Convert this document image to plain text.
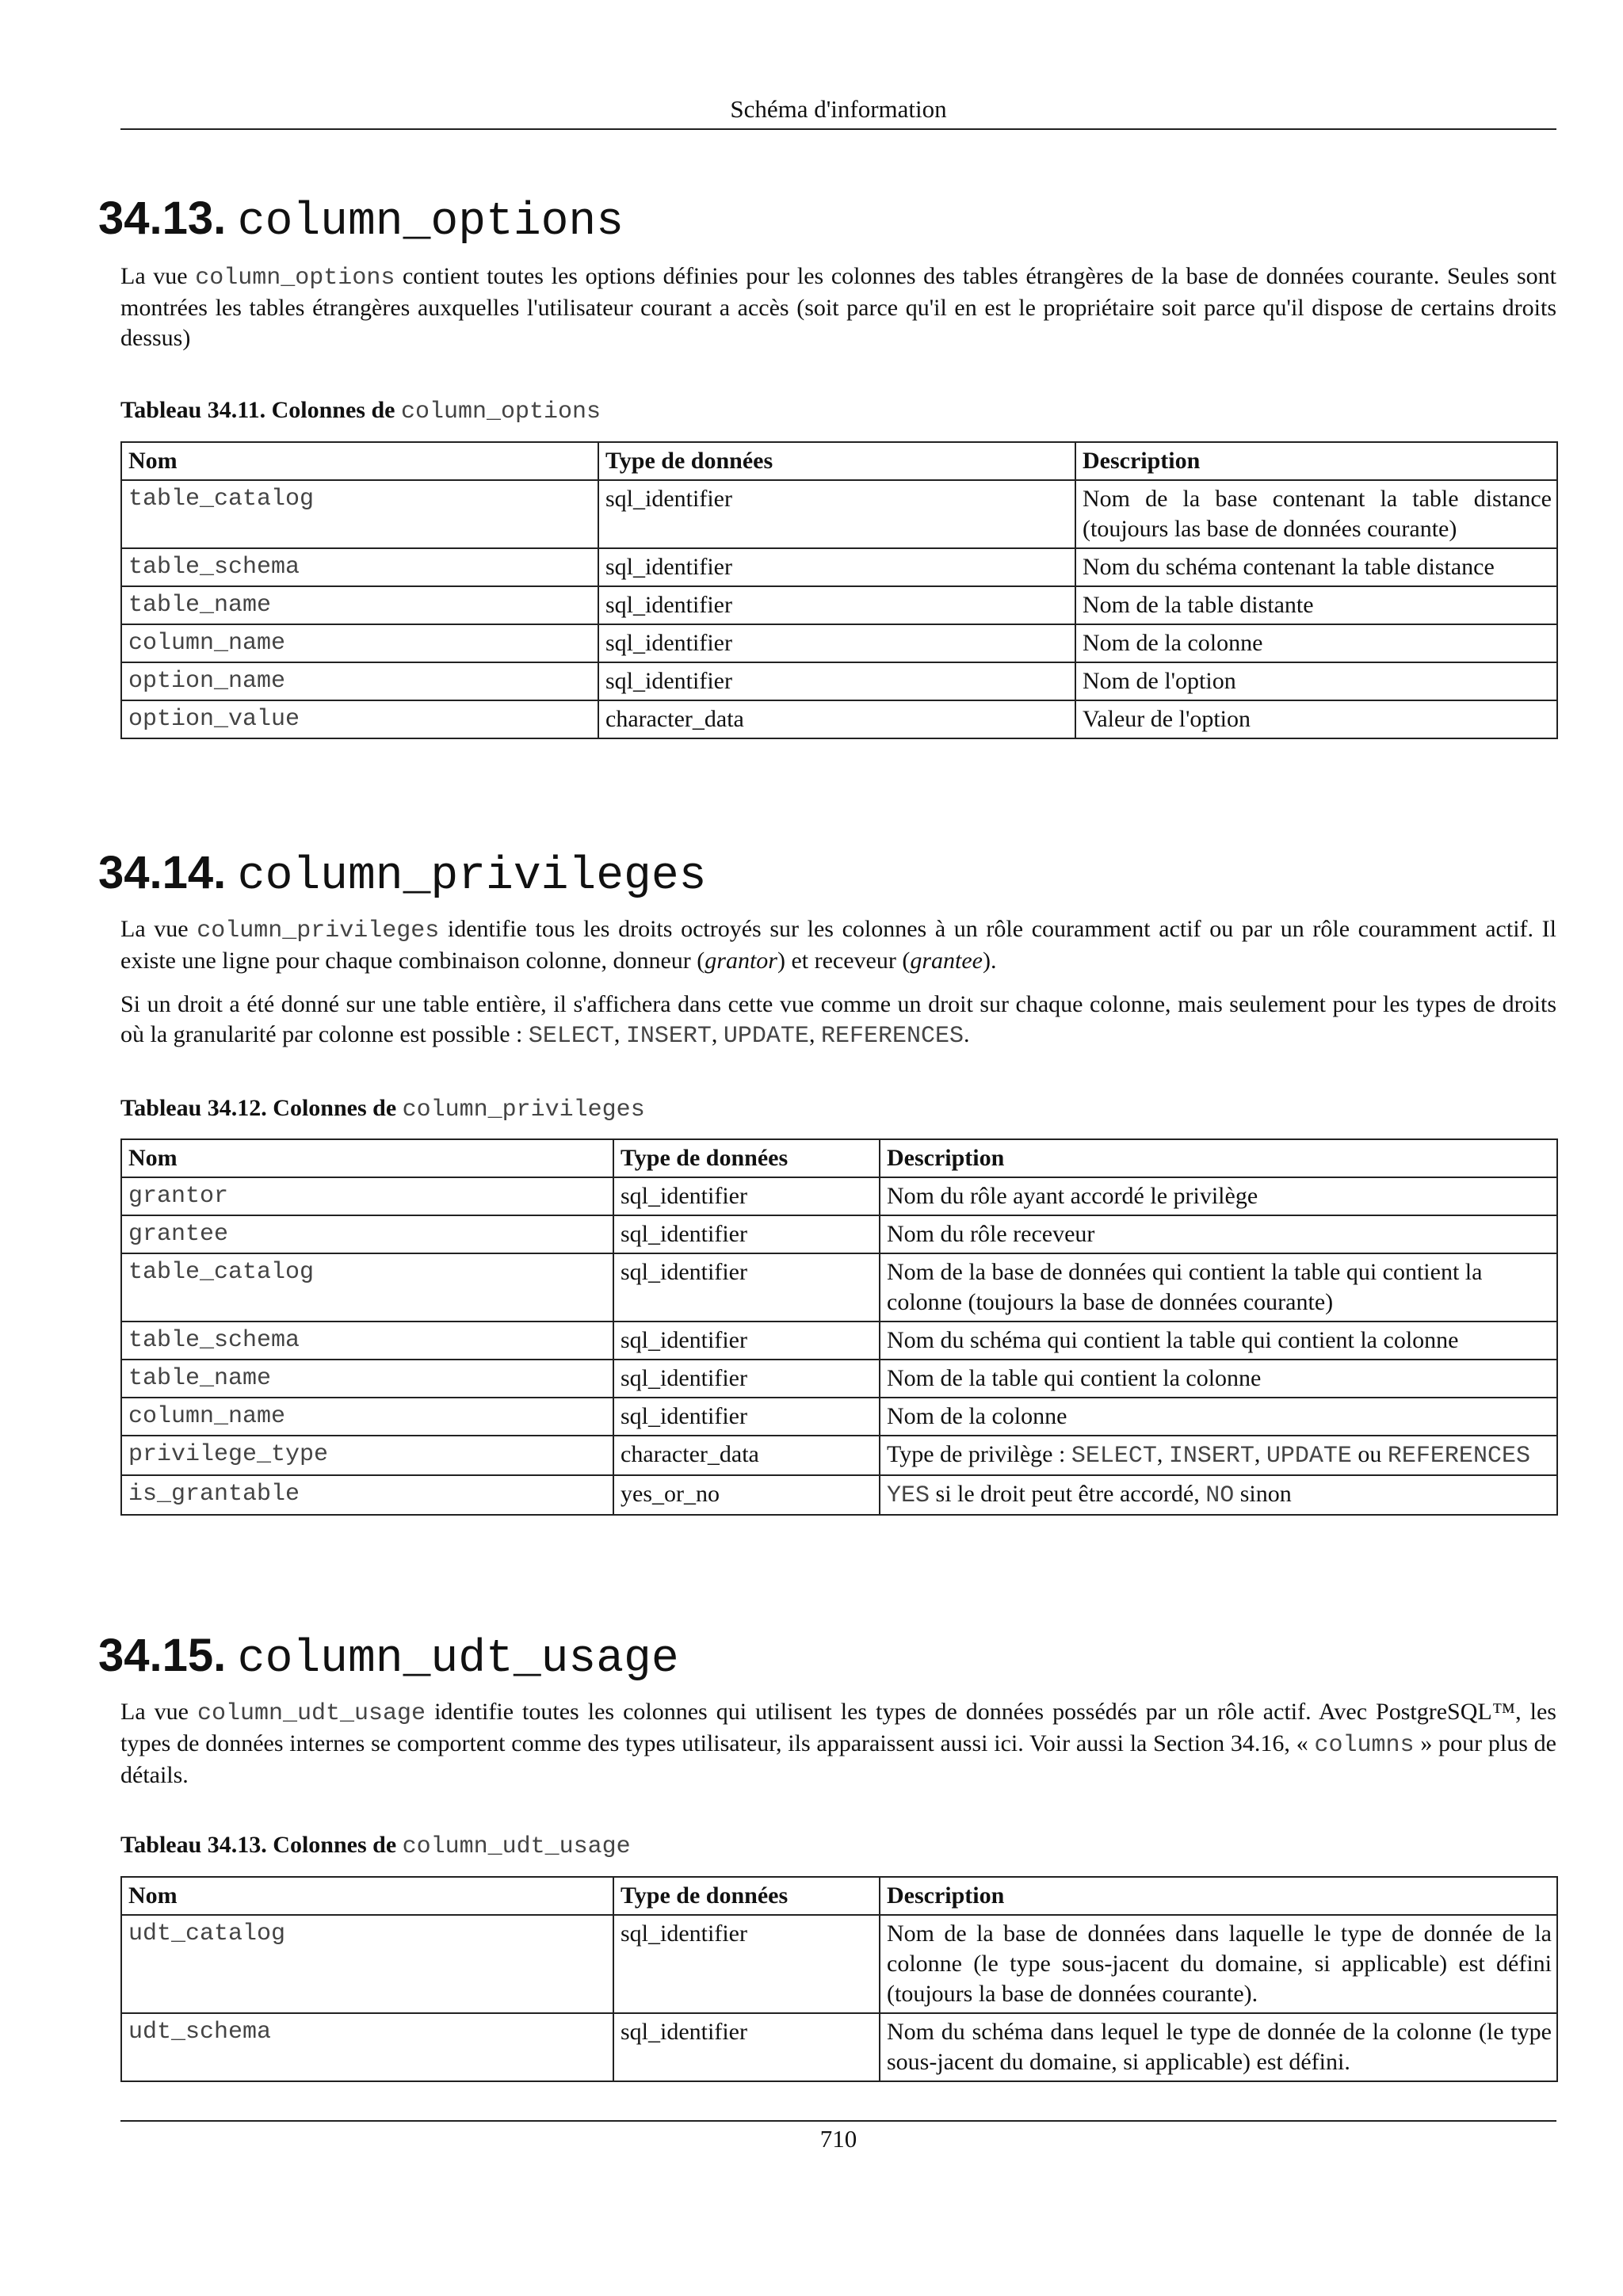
Schéma d'information
34.13. column_options

La vue column_options contient toutes les options définies pour les colonnes des tables étrangères de la base de données courante. Seules sont montrées les tables étrangères auxquelles l'utilisateur courant a accès (soit parce qu'il en est le propriétaire soit parce qu'il dispose de certains droits dessus)

Tableau 34.11. Colonnes de column_options

Nom	Type de données	Description
table_catalog	sql_identifier	Nom de la base contenant la table distance (toujours las base de données courante)
table_schema	sql_identifier	Nom du schéma contenant la table distance
table_name	sql_identifier	Nom de la table distante
column_name	sql_identifier	Nom de la colonne
option_name	sql_identifier	Nom de l'option
option_value	character_data	Valeur de l'option
34.14. column_privileges

La vue column_privileges identifie tous les droits octroyés sur les colonnes à un rôle couramment actif ou par un rôle couramment actif. Il existe une ligne pour chaque combinaison colonne, donneur (grantor) et receveur (grantee).

Si un droit a été donné sur une table entière, il s'affichera dans cette vue comme un droit sur chaque colonne, mais seulement pour les types de droits où la granularité par colonne est possible : SELECT, INSERT, UPDATE, REFERENCES.

Tableau 34.12. Colonnes de column_privileges

Nom	Type de données	Description
grantor	sql_identifier	Nom du rôle ayant accordé le privilège
grantee	sql_identifier	Nom du rôle receveur
table_catalog	sql_identifier	Nom de la base de données qui contient la table qui contient la colonne (toujours la base de données courante)
table_schema	sql_identifier	Nom du schéma qui contient la table qui contient la colonne
table_name	sql_identifier	Nom de la table qui contient la colonne
column_name	sql_identifier	Nom de la colonne
privilege_type	character_data	Type de privilège : SELECT, INSERT, UPDATE ou REFERENCES
is_grantable	yes_or_no	YES si le droit peut être accordé, NO sinon
34.15. column_udt_usage

La vue column_udt_usage identifie toutes les colonnes qui utilisent les types de données possédés par un rôle actif. Avec PostgreSQL™, les types de données internes se comportent comme des types utilisateur, ils apparaissent aussi ici. Voir aussi la Section 34.16, « columns » pour plus de détails.

Tableau 34.13. Colonnes de column_udt_usage

Nom	Type de données	Description
udt_catalog	sql_identifier	Nom de la base de données dans laquelle le type de donnée de la colonne (le type sous-jacent du domaine, si applicable) est défini (toujours la base de données courante).
udt_schema	sql_identifier	Nom du schéma dans lequel le type de donnée de la colonne (le type sous-jacent du domaine, si applicable) est défini.
710
